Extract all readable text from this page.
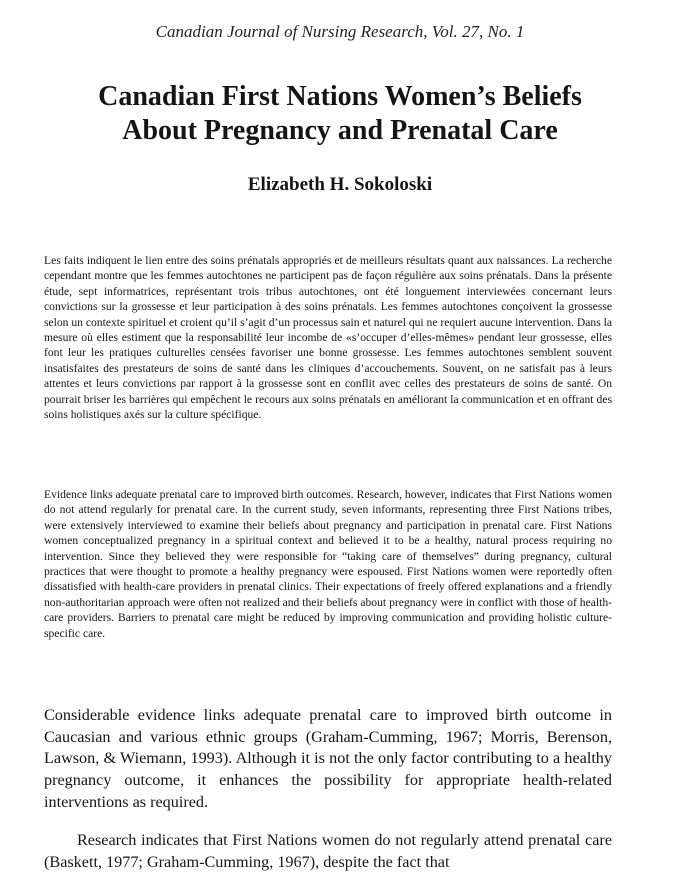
Canadian Journal of Nursing Research, Vol. 27, No. 1
Canadian First Nations Women’s Beliefs
About Pregnancy and Prenatal Care
Elizabeth H. Sokoloski

Les faits indiquent le lien entre des soins prénatals appropriés et de meilleurs résultats quant aux naissances. La recherche cependant montre que les femmes autochtones ne participent pas de façon régulière aux soins prénatals. Dans la présente étude, sept informatrices, représentant trois tribus autochtones, ont été longuement interviewées concernant leurs convictions sur la grossesse et leur participation à des soins prénatals. Les femmes autochtones conçoivent la grossesse selon un contexte spirituel et croient qu’il s’agit d’un processus sain et naturel qui ne requiert aucune intervention. Dans la mesure où elles estiment que la responsabilité leur incombe de «s’occuper d’elles-mêmes» pendant leur grossesse, elles font leur les pratiques culturelles censées favoriser une bonne grossesse. Les femmes autochtones semblent souvent insatisfaites des prestateurs de soins de santé dans les cliniques d’accouchements. Souvent, on ne satisfait pas à leurs attentes et leurs convictions par rapport à la grossesse sont en conflit avec celles des prestateurs de soins de santé. On pourrait briser les barrières qui empêchent le recours aux soins prénatals en améliorant la communication et en offrant des soins holistiques axés sur la culture spécifique.

Evidence links adequate prenatal care to improved birth outcomes. Research, however, indicates that First Nations women do not attend regularly for prenatal care. In the current study, seven informants, representing three First Nations tribes, were extensively interviewed to examine their beliefs about pregnancy and participation in prenatal care. First Nations women conceptualized pregnancy in a spiritual context and believed it to be a healthy, natural process requiring no intervention. Since they believed they were responsible for “taking care of themselves” during pregnancy, cultural practices that were thought to promote a healthy pregnancy were espoused. First Nations women were reportedly often dissatisfied with health-care providers in prenatal clinics. Their expectations of freely offered explanations and a friendly non-authoritarian approach were often not realized and their beliefs about pregnancy were in conflict with those of health-care providers. Barriers to prenatal care might be reduced by improving communication and providing holistic culture-specific care.

Considerable evidence links adequate prenatal care to improved birth outcome in Caucasian and various ethnic groups (Graham-Cumming, 1967; Morris, Berenson, Lawson, & Wiemann, 1993). Although it is not the only factor contributing to a healthy pregnancy outcome, it enhances the possibility for appropriate health-related interventions as required.

Research indicates that First Nations women do not regularly attend prenatal care (Baskett, 1977; Graham-Cumming, 1967), despite the fact that
